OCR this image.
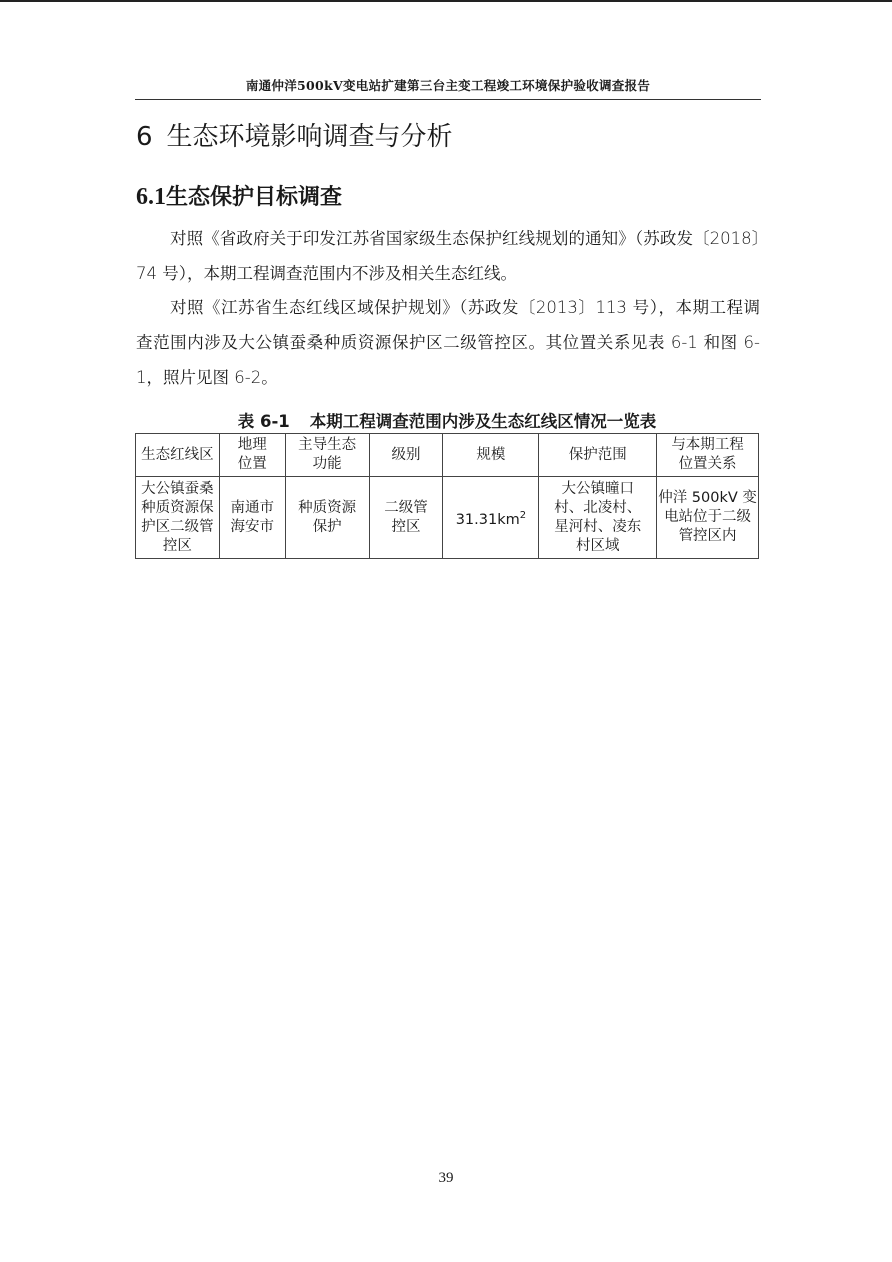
南通仲洋500kV变电站扩建第三台主变工程竣工环境保护验收调查报告
6 生态环境影响调查与分析
6.1生态保护目标调查

对照《省政府关于印发江苏省国家级生态保护红线规划的通知》（苏政发〔2018〕74 号），本期工程调查范围内不涉及相关生态红线。

对照《江苏省生态红线区域保护规划》（苏政发〔2013〕113 号），本期工程调查范围内涉及大公镇蚕桑种质资源保护区二级管控区。其位置关系见表 6-1 和图 6-1，照片见图 6-2。

表 6-1 本期工程调查范围内涉及生态红线区情况一览表
生态红线区	地理位置	主导生态功能	级别	规模	保护范围	与本期工程位置关系
大公镇蚕桑种质资源保护区二级管控区	南通市海安市	种质资源保护	二级管控区	$31.31km^2$	大公镇曈口村、北凌村、星河村、凌东村区域	仲洋 500kV 变电站位于二级管控区内
39
